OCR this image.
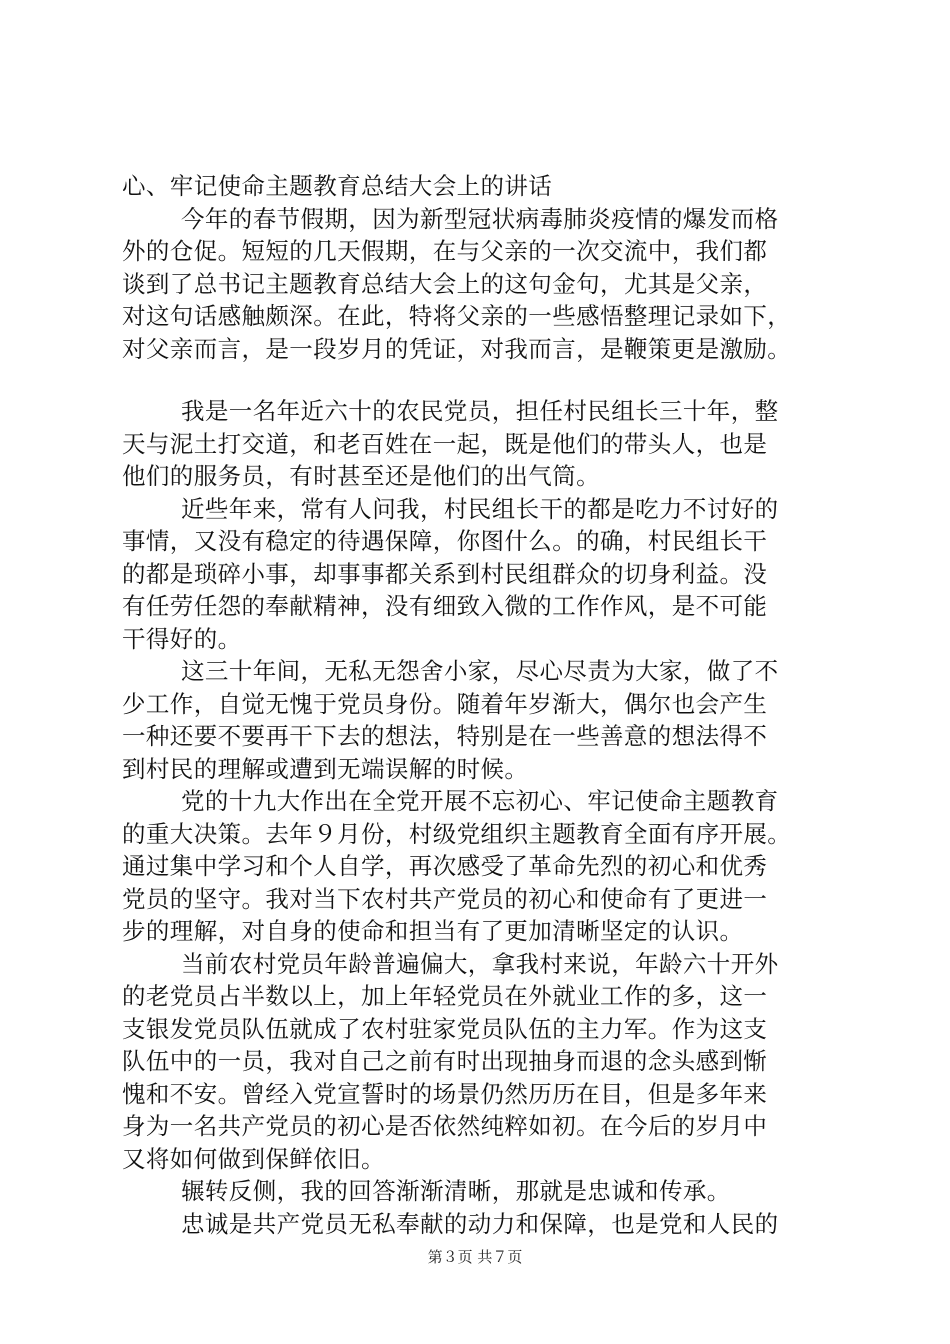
心、牢记使命主题教育总结大会上的讲话
今年的春节假期，因为新型冠状病毒肺炎疫情的爆发而格
外的仓促。短短的几天假期，在与父亲的一次交流中，我们都
谈到了总书记主题教育总结大会上的这句金句，尤其是父亲，
对这句话感触颇深。在此，特将父亲的一些感悟整理记录如下，
对父亲而言，是一段岁月的凭证，对我而言，是鞭策更是激励。
我是一名年近六十的农民党员，担任村民组长三十年，整
天与泥土打交道，和老百姓在一起，既是他们的带头人，也是
他们的服务员，有时甚至还是他们的出气筒。
近些年来，常有人问我，村民组长干的都是吃力不讨好的
事情，又没有稳定的待遇保障，你图什么。的确，村民组长干
的都是琐碎小事，却事事都关系到村民组群众的切身利益。没
有任劳任怨的奉献精神，没有细致入微的工作作风，是不可能
干得好的。
这三十年间，无私无怨舍小家，尽心尽责为大家，做了不
少工作，自觉无愧于党员身份。随着年岁渐大，偶尔也会产生
一种还要不要再干下去的想法，特别是在一些善意的想法得不
到村民的理解或遭到无端误解的时候。
党的十九大作出在全党开展不忘初心、牢记使命主题教育
的重大决策。去年９月份，村级党组织主题教育全面有序开展。
通过集中学习和个人自学，再次感受了革命先烈的初心和优秀
党员的坚守。我对当下农村共产党员的初心和使命有了更进一
步的理解，对自身的使命和担当有了更加清晰坚定的认识。
当前农村党员年龄普遍偏大，拿我村来说，年龄六十开外
的老党员占半数以上，加上年轻党员在外就业工作的多，这一
支银发党员队伍就成了农村驻家党员队伍的主力军。作为这支
队伍中的一员，我对自己之前有时出现抽身而退的念头感到惭
愧和不安。曾经入党宣誓时的场景仍然历历在目，但是多年来
身为一名共产党员的初心是否依然纯粹如初。在今后的岁月中
又将如何做到保鲜依旧。
辗转反侧，我的回答渐渐清晰，那就是忠诚和传承。
忠诚是共产党员无私奉献的动力和保障，也是党和人民的
第３页 共７页
